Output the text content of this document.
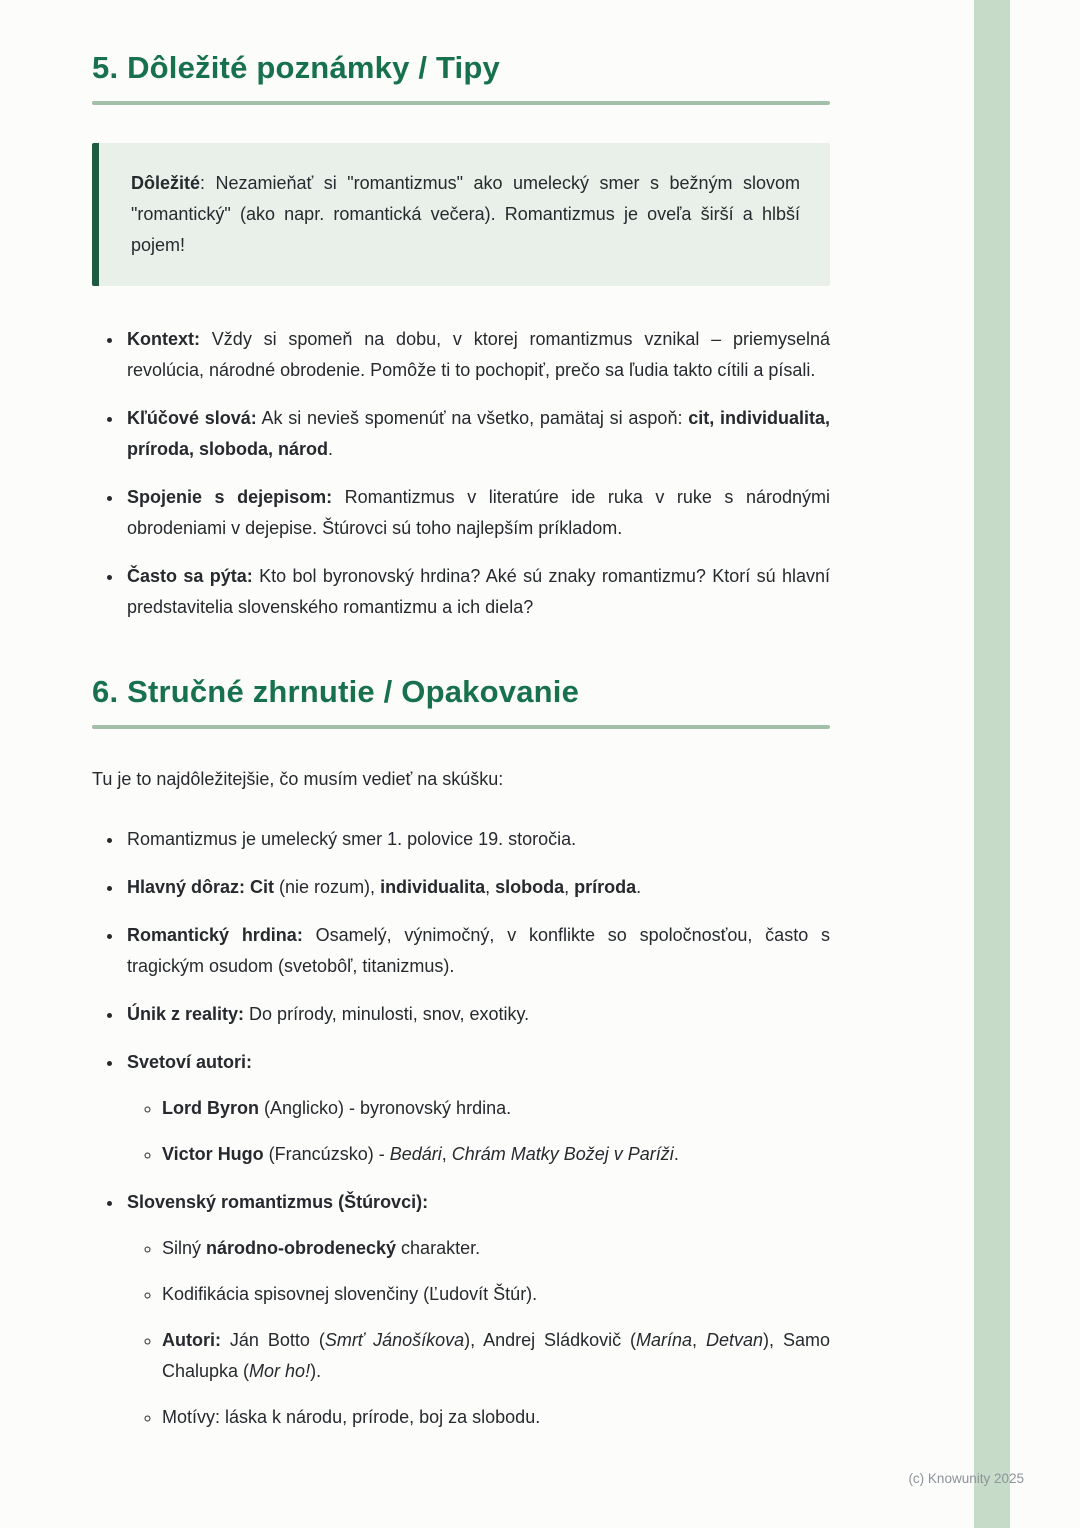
5. Dôležité poznámky / Tipy

Dôležité: Nezamieňať si "romantizmus" ako umelecký smer s bežným slovom "romantický" (ako napr. romantická večera). Romantizmus je oveľa širší a hlbší pojem!

• Kontext: Vždy si spomeň na dobu, v ktorej romantizmus vznikal – priemyselná revolúcia, národné obrodenie. Pomôže ti to pochopiť, prečo sa ľudia takto cítili a písali.
• Kľúčové slová: Ak si nevieš spomenúť na všetko, pamätaj si aspoň: cit, individualita, príroda, sloboda, národ.
• Spojenie s dejepisom: Romantizmus v literatúre ide ruka v ruke s národnými obrodeniami v dejepise. Štúrovci sú toho najlepším príkladom.
• Často sa pýta: Kto bol byronovský hrdina? Aké sú znaky romantizmu? Ktorí sú hlavní predstavitelia slovenského romantizmu a ich diela?
6. Stručné zhrnutie / Opakovanie

Tu je to najdôležitejšie, čo musím vedieť na skúšku:

• Romantizmus je umelecký smer 1. polovice 19. storočia.
• Hlavný dôraz: Cit (nie rozum), individualita, sloboda, príroda.
• Romantický hrdina: Osamelý, výnimočný, v konflikte so spoločnosťou, často s tragickým osudom (svetobôľ, titanizmus).
• Únik z reality: Do prírody, minulosti, snov, exotiky.
• Svetoví autori:
◦ Lord Byron (Anglicko) - byronovský hrdina.
◦ Victor Hugo (Francúzsko) - Bedári, Chrám Matky Božej v Paríži.
• Slovenský romantizmus (Štúrovci):
◦ Silný národno-obrodenecký charakter.
◦ Kodifikácia spisovnej slovenčiny (Ľudovít Štúr).
◦ Autori: Ján Botto (Smrť Jánošíkova), Andrej Sládkovič (Marína, Detvan), Samo Chalupka (Mor ho!).
◦ Motívy: láska k národu, prírode, boj za slobodu.
(c) Knowunity 2025
